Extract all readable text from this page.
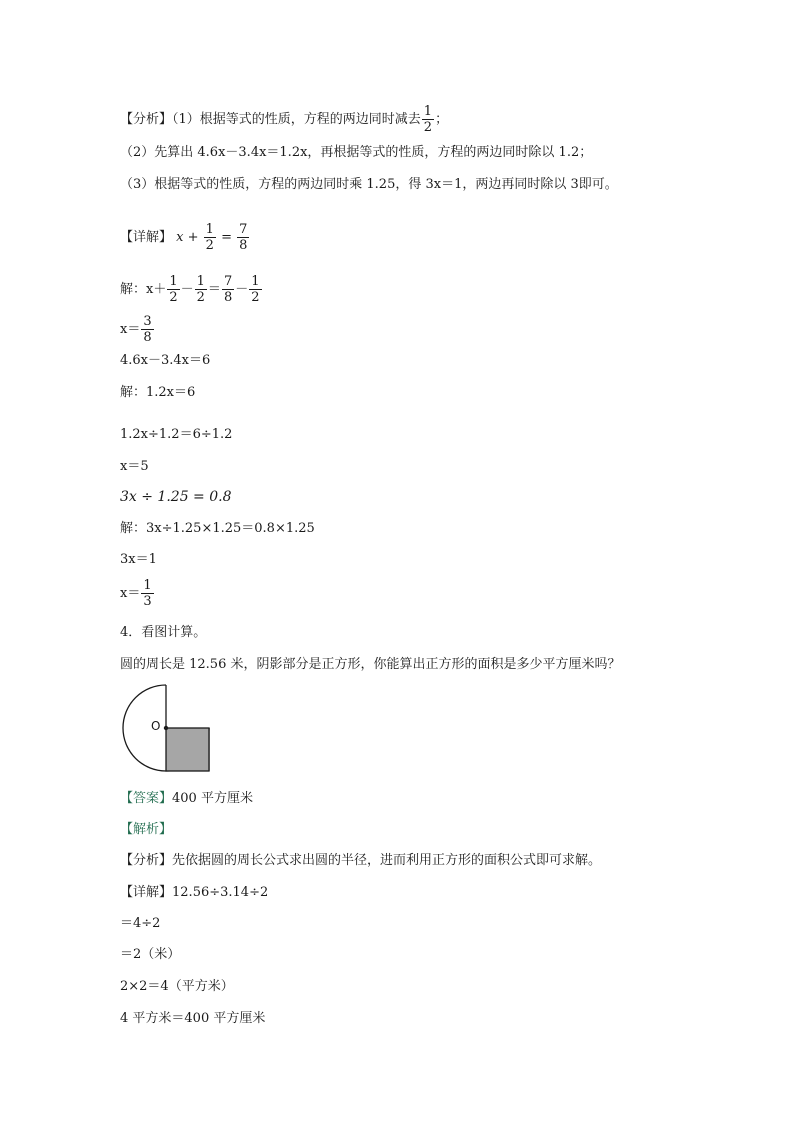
【分析】（1）根据等式的性质，方程的两边同时减去 $\frac{1}{2}$ ；
（2）先算出 4.6x－3.4x＝1.2x，再根据等式的性质，方程的两边同时除以 1.2；
（3）根据等式的性质，方程的两边同时乘 1.25，得 3x＝1，两边再同时除以 3即可。
【详解】 $x + \frac{1}{2} = \frac{7}{8}$
解：$x+ \frac{1}{2} - \frac{1}{2} = \frac{7}{8} - \frac{1}{2}$
$x= \frac{3}{8}$
4.6x－3.4x＝6
解：1.2x＝6
1.2x÷1.2＝6÷1.2
x＝5
3x ÷ 1.25 = 0.8
解：3x÷1.25×1.25＝0.8×1.25
3x＝1
$x= \frac{1}{3}$
4．看图计算。
圆的周长是 12.56 米，阴影部分是正方形，你能算出正方形的面积是多少平方厘米吗？
O
【答案】400 平方厘米
【解析】
【分析】先依据圆的周长公式求出圆的半径，进而利用正方形的面积公式即可求解。
【详解】12.56÷3.14÷2
＝4÷2
＝2（米）
2×2＝4（平方米）
4 平方米＝400 平方厘米
